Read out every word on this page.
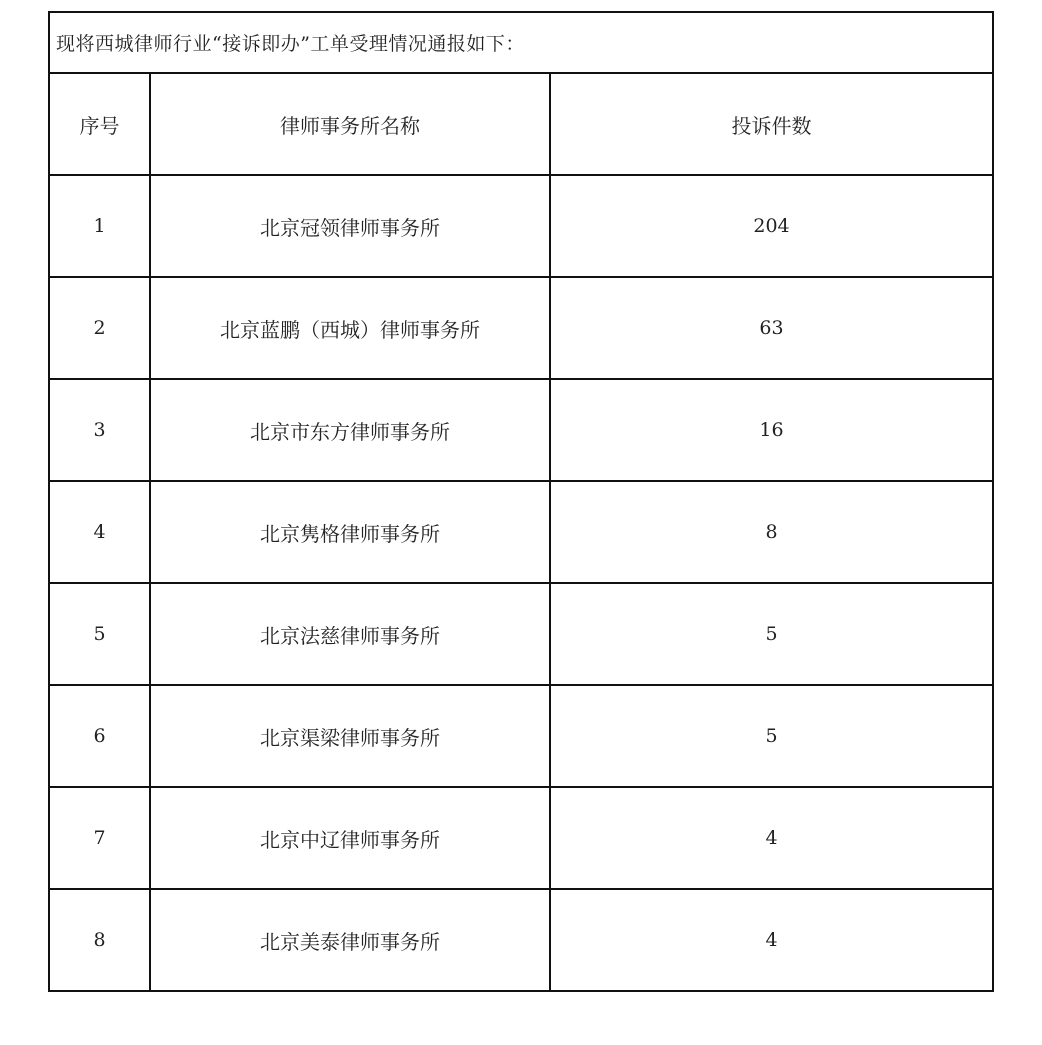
现将西城律师行业“接诉即办”工单受理情况通报如下：
序号	律师事务所名称	投诉件数
1	北京冠领律师事务所	204
2	北京蓝鹏（西城）律师事务所	63
3	北京市东方律师事务所	16
4	北京隽格律师事务所	8
5	北京法慈律师事务所	5
6	北京渠梁律师事务所	5
7	北京中辽律师事务所	4
8	北京美泰律师事务所	4
